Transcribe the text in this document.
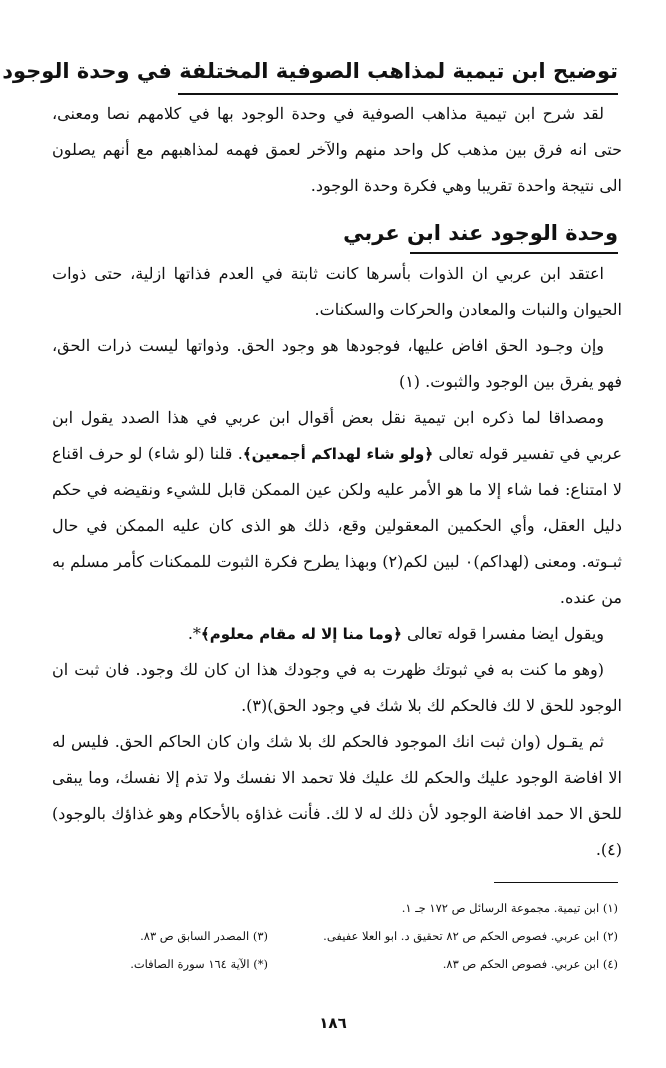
توضيح ابن تيمية لمذاهب الصوفية المختلفة في وحدة الوجود

لقد شرح ابن تيمية مذاهب الصوفية في وحدة الوجود بها في كلامهم نصا ومعنى، حتى انه فرق بين مذهب كل واحد منهم والآخر لعمق فهمه لمذاهبهم مع أنهم يصلون الى نتيجة واحدة تقريبا وهي فكرة وحدة الوجود.

وحدة الوجود عند ابن عربي

اعتقد ابن عربي ان الذوات بأسرها كانت ثابتة في العدم فذاتها ازلية، حتى ذوات الحيوان والنبات والمعادن والحركات والسكنات.

وإن وجـود الحق افاض عليها، فوجودها هو وجود الحق. وذواتها ليست ذرات الحق، فهو يفرق بين الوجود والثبوت. (١)

ومصداقا لما ذكره ابن تيمية نقل بعض أقوال ابن عربي في هذا الصدد يقول ابن عربي في تفسير قوله تعالى ﴿ولو شاء لهداكم أجمعين﴾. قلنا (لو شاء) لو حرف اقناع لا امتناع: فما شاء إلا ما هو الأمر عليه ولكن عين الممكن قابل للشيء ونقيضه في حكم دليل العقل، وأي الحكمين المعقولين وقع، ذلك هو الذى كان عليه الممكن في حال ثبـوته. ومعنى (لهداكم)٠ لبين لكم(٢) وبهذا يطرح فكرة الثبوت للممكنات كأمر مسلم به من عنده.

ويقول ايضا مفسرا قوله تعالى ﴿وما منا إلا له مقام معلوم﴾*.

(وهو ما كنت به في ثبوتك ظهرت به في وجودك هذا ان كان لك وجود. فان ثبت ان الوجود للحق لا لك فالحكم لك بلا شك في وجود الحق)(٣).

ثم يقـول (وان ثبت انك الموجود فالحكم لك بلا شك وان كان الحاكم الحق. فليس له الا افاضة الوجود عليك والحكم لك عليك فلا تحمد الا نفسك ولا تذم إلا نفسك، وما يبقى للحق الا حمد افاضة الوجود لأن ذلك له لا لك. فأنت غذاؤه بالأحكام وهو غذاؤك بالوجود)(٤).

(١) ابن تيمية. مجموعة الرسائل ص ١٧٢ جـ ١.
(٢) ابن عربي. فصوص الحكم ص ٨٢ تحقيق د. ابو العلا عفيفى.
(٣) المصدر السابق ص ٨٣.
(٤) ابن عربي. فصوص الحكم ص ٨٣.
(*) الآية ١٦٤ سورة الصافات.
١٨٦
